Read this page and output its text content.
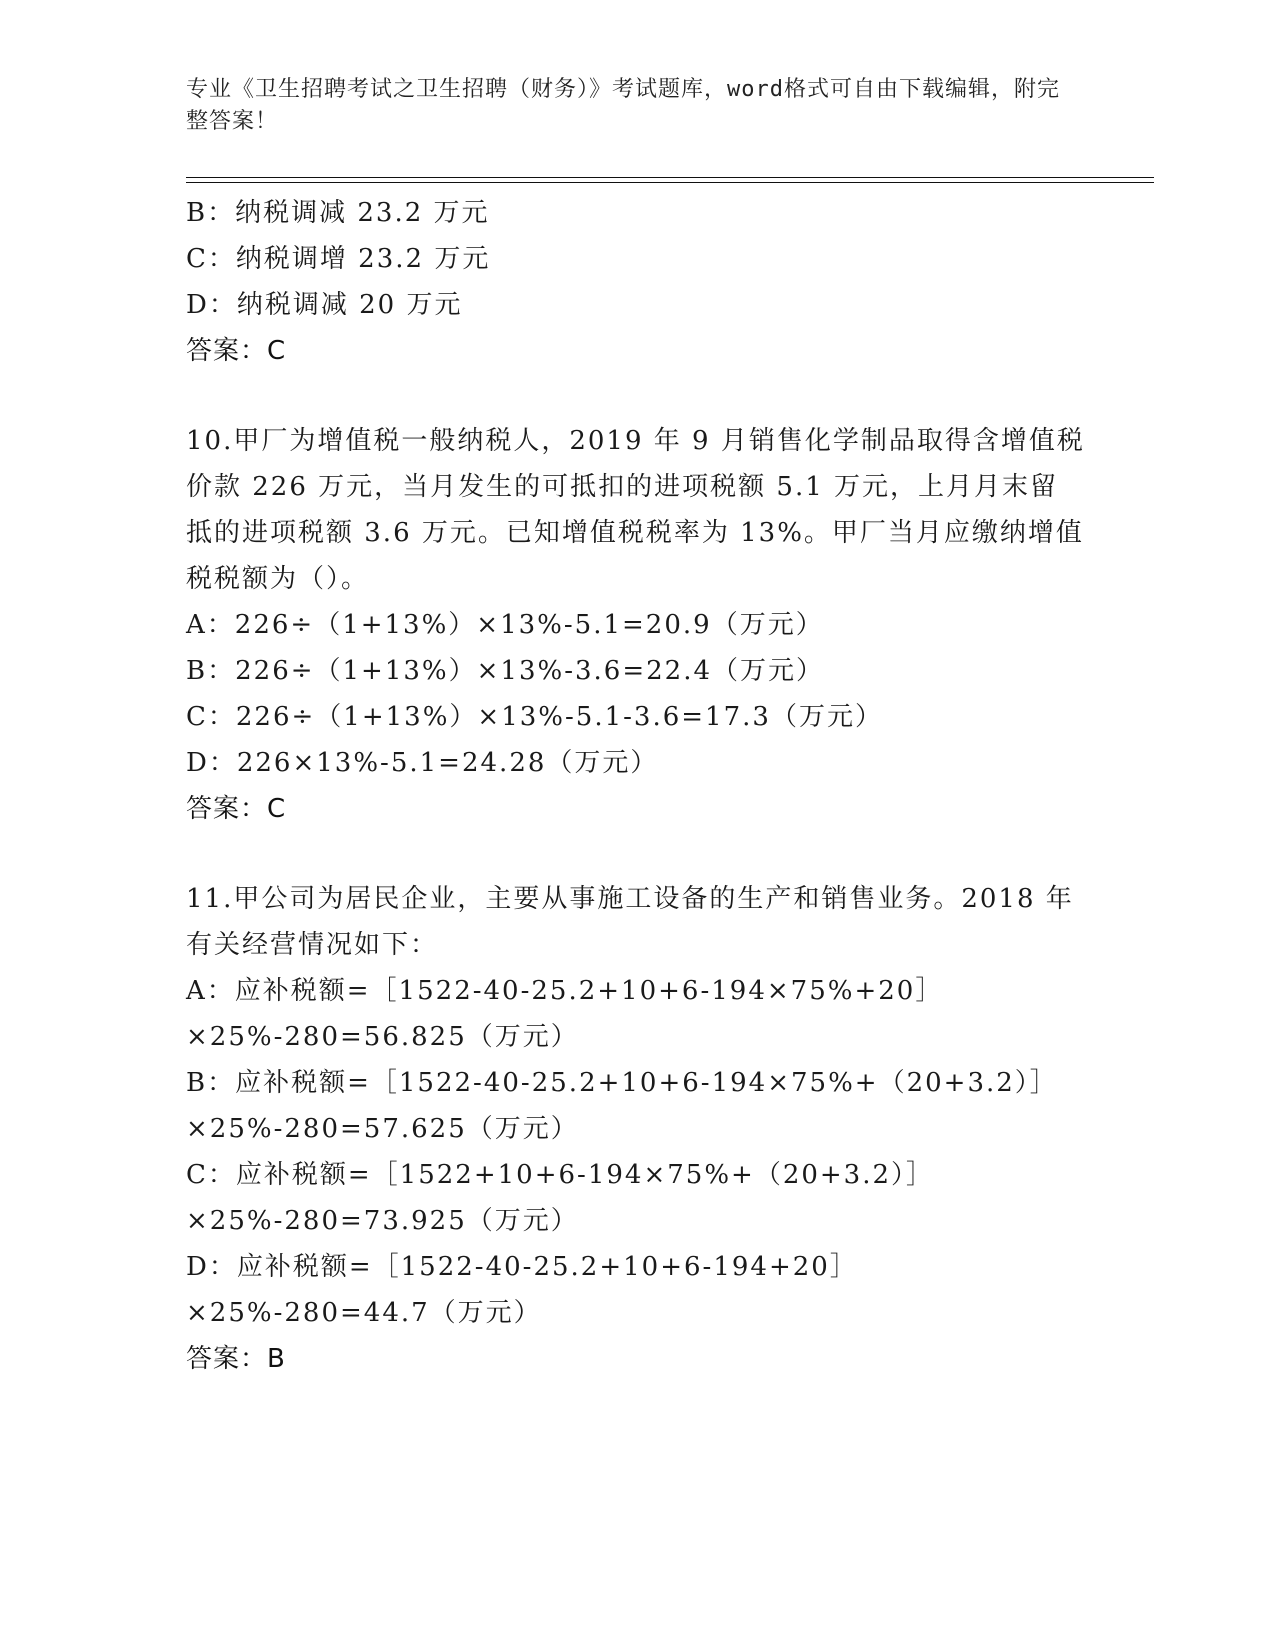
专业《卫生招聘考试之卫生招聘（财务）》考试题库，word格式可自由下载编辑，附完整答案！
B：纳税调减 23.2 万元
C：纳税调增 23.2 万元
D：纳税调减 20 万元
答案：C
10.甲厂为增值税一般纳税人，2019 年 9 月销售化学制品取得含增值税价款 226 万元，当月发生的可抵扣的进项税额 5.1 万元，上月月末留抵的进项税额 3.6 万元。已知增值税税率为 13%。甲厂当月应缴纳增值税税额为（）。
A：226÷（1+13%）×13%-5.1=20.9（万元）
B：226÷（1+13%）×13%-3.6=22.4（万元）
C：226÷（1+13%）×13%-5.1-3.6=17.3（万元）
D：226×13%-5.1=24.28（万元）
答案：C
11.甲公司为居民企业，主要从事施工设备的生产和销售业务。2018 年有关经营情况如下：
A：应补税额=［1522-40-25.2+10+6-194×75%+20］×25%-280=56.825（万元）
B：应补税额=［1522-40-25.2+10+6-194×75%+（20+3.2）］×25%-280=57.625（万元）
C：应补税额=［1522+10+6-194×75%+（20+3.2）］×25%-280=73.925（万元）
D：应补税额=［1522-40-25.2+10+6-194+20］×25%-280=44.7（万元）
答案：B
